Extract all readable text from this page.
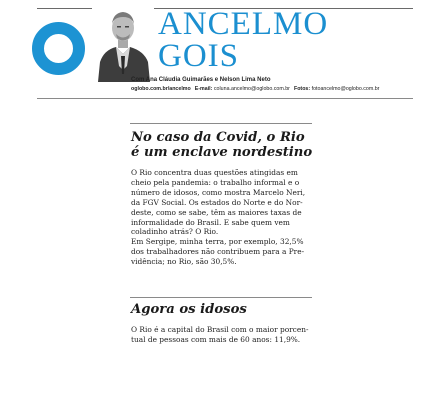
ANCELMO
GOIS
Com Ana Cláudia Guimarães e Nelson Lima Neto
oglobo.com.br/ancelmo E-mail: coluna.ancelmo@oglobo.com.br Fotos: fotoancelmo@oglobo.com.br
No caso da Covid, o Rio
é um enclave nordestino
O Rio concentra duas questões atingidas em
cheio pela pandemia: o trabalho informal e o
número de idosos, como mostra Marcelo Neri,
da FGV Social. Os estados do Norte e do Nor-
deste, como se sabe, têm as maiores taxas de
informalidade do Brasil. E sabe quem vem
coladinho atrás? O Rio.
Em Sergipe, minha terra, por exemplo, 32,5%
dos trabalhadores não contribuem para a Pre-
vidência; no Rio, são 30,5%.
Agora os idosos
O Rio é a capital do Brasil com o maior porcen-
tual de pessoas com mais de 60 anos: 11,9%.
